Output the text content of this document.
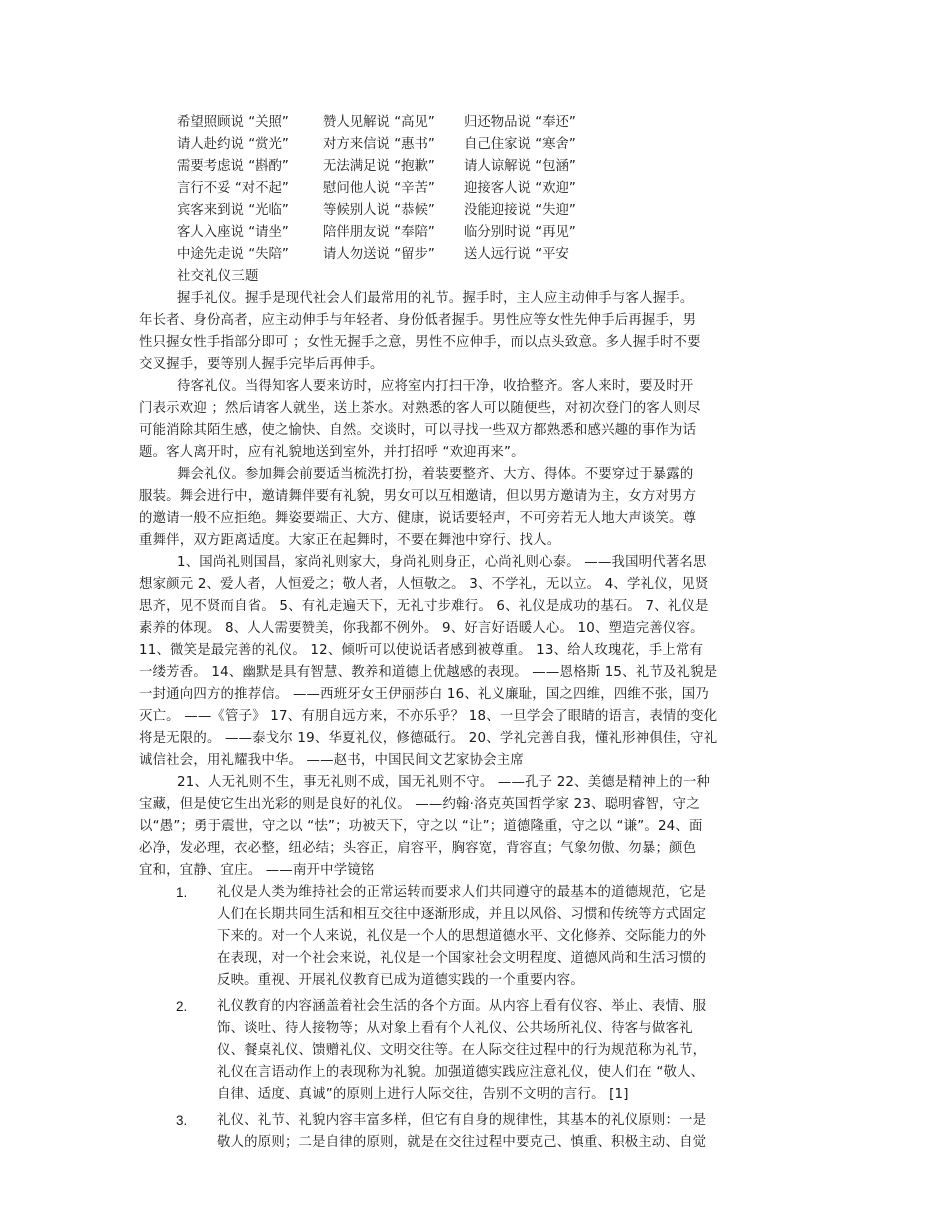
希望照顾说 “关照”	赞人见解说 “高见” 归还物品说 “奉还”
请人赴约说 “赏光”	对方来信说 “惠书” 自己住家说 “寒舍”
需要考虑说 “斟酌”	无法满足说 “抱歉” 请人谅解说 “包涵”
言行不妥 “对不起”	慰问他人说 “辛苦” 迎接客人说 “欢迎”
宾客来到说 “光临”	等候别人说 “恭候” 没能迎接说 “失迎”
客人入座说 “请坐”	陪伴朋友说 “奉陪” 临分别时说 “再见”
中途先走说 “失陪”	请人勿送说 “留步” 送人远行说 “平安
社交礼仪三题
握手礼仪。握手是现代社会人们最常用的礼节。握手时，主人应主动伸手与客人握手。
年长者、身份高者，应主动伸手与年轻者、身份低者握手。男性应等女性先伸手后再握手，男
性只握女性手指部分即可 ；女性无握手之意，男性不应伸手，而以点头致意。多人握手时不要
交叉握手，要等别人握手完毕后再伸手。
待客礼仪。当得知客人要来访时，应将室内打扫干净，收拾整齐。客人来时，要及时开
门表示欢迎 ；然后请客人就坐，送上茶水。对熟悉的客人可以随便些，对初次登门的客人则尽
可能消除其陌生感，使之愉快、自然。交谈时，可以寻找一些双方都熟悉和感兴趣的事作为话
题。客人离开时，应有礼貌地送到室外，并打招呼 “欢迎再来”。
舞会礼仪。参加舞会前要适当梳洗打扮，着装要整齐、大方、得体。不要穿过于暴露的
服装。舞会进行中，邀请舞伴要有礼貌，男女可以互相邀请，但以男方邀请为主，女方对男方
的邀请一般不应拒绝。舞姿要端正、大方、健康，说话要轻声，不可旁若无人地大声谈笑。尊
重舞伴，双方距离适度。大家正在起舞时，不要在舞池中穿行、找人。
1、国尚礼则国昌，家尚礼则家大，身尚礼则身正，心尚礼则心泰。 ——我国明代著名思
想家颜元 2、爱人者，人恒爱之；敬人者，人恒敬之。 3、不学礼，无以立。 4、学礼仪，见贤
思齐，见不贤而自省。 5、有礼走遍天下，无礼寸步难行。 6、礼仪是成功的基石。 7、礼仪是
素养的体现。 8、人人需要赞美，你我都不例外。 9、好言好语暖人心。 10、塑造完善仪容。
11、微笑是最完善的礼仪。 12、倾听可以使说话者感到被尊重。 13、给人玫瑰花，手上常有
一缕芳香。 14、幽默是具有智慧、教养和道德上优越感的表现。 ——恩格斯 15、礼节及礼貌是
一封通向四方的推荐信。 ——西班牙女王伊丽莎白 16、礼义廉耻，国之四维，四维不张，国乃
灭亡。 ——《管子》 17、有朋自远方来，不亦乐乎？ 18、一旦学会了眼睛的语言，表情的变化
将是无限的。 ——泰戈尔 19、华夏礼仪，修德砥行。 20、学礼完善自我，懂礼形神俱佳，守礼
诚信社会，用礼耀我中华。 ——赵书，中国民间文艺家协会主席
21、人无礼则不生，事无礼则不成，国无礼则不守。 ——孔子 22、美德是精神上的一种
宝藏，但是使它生出光彩的则是良好的礼仪。 ——约翰·洛克英国哲学家 23、聪明睿智，守之
以“愚”；勇于震世，守之以 “怯”；功被天下，守之以 “让”；道德隆重，守之以 “谦”。24、面
必净，发必理，衣必整，纽必结；头容正，肩容平，胸容宽，背容直；气象勿傲、勿暴；颜色
宜和，宜静、宜庄。 ——南开中学镜铭
1. 礼仪是人类为维持社会的正常运转而要求人们共同遵守的最基本的道德规范，它是
人们在长期共同生活和相互交往中逐渐形成，并且以风俗、习惯和传统等方式固定
下来的。对一个人来说，礼仪是一个人的思想道德水平、文化修养、交际能力的外
在表现，对一个社会来说，礼仪是一个国家社会文明程度、道德风尚和生活习惯的
反映。重视、开展礼仪教育已成为道德实践的一个重要内容。
2. 礼仪教育的内容涵盖着社会生活的各个方面。从内容上看有仪容、举止、表情、服
饰、谈吐、待人接物等；从对象上看有个人礼仪、公共场所礼仪、待客与做客礼
仪、餐桌礼仪、馈赠礼仪、文明交往等。在人际交往过程中的行为规范称为礼节，
礼仪在言语动作上的表现称为礼貌。加强道德实践应注意礼仪，使人们在 “敬人、
自律、适度、真诚”的原则上进行人际交往，告别不文明的言行。 [1]
3. 礼仪、礼节、礼貌内容丰富多样，但它有自身的规律性，其基本的礼仪原则：一是
敬人的原则；二是自律的原则，就是在交往过程中要克己、慎重、积极主动、自觉
